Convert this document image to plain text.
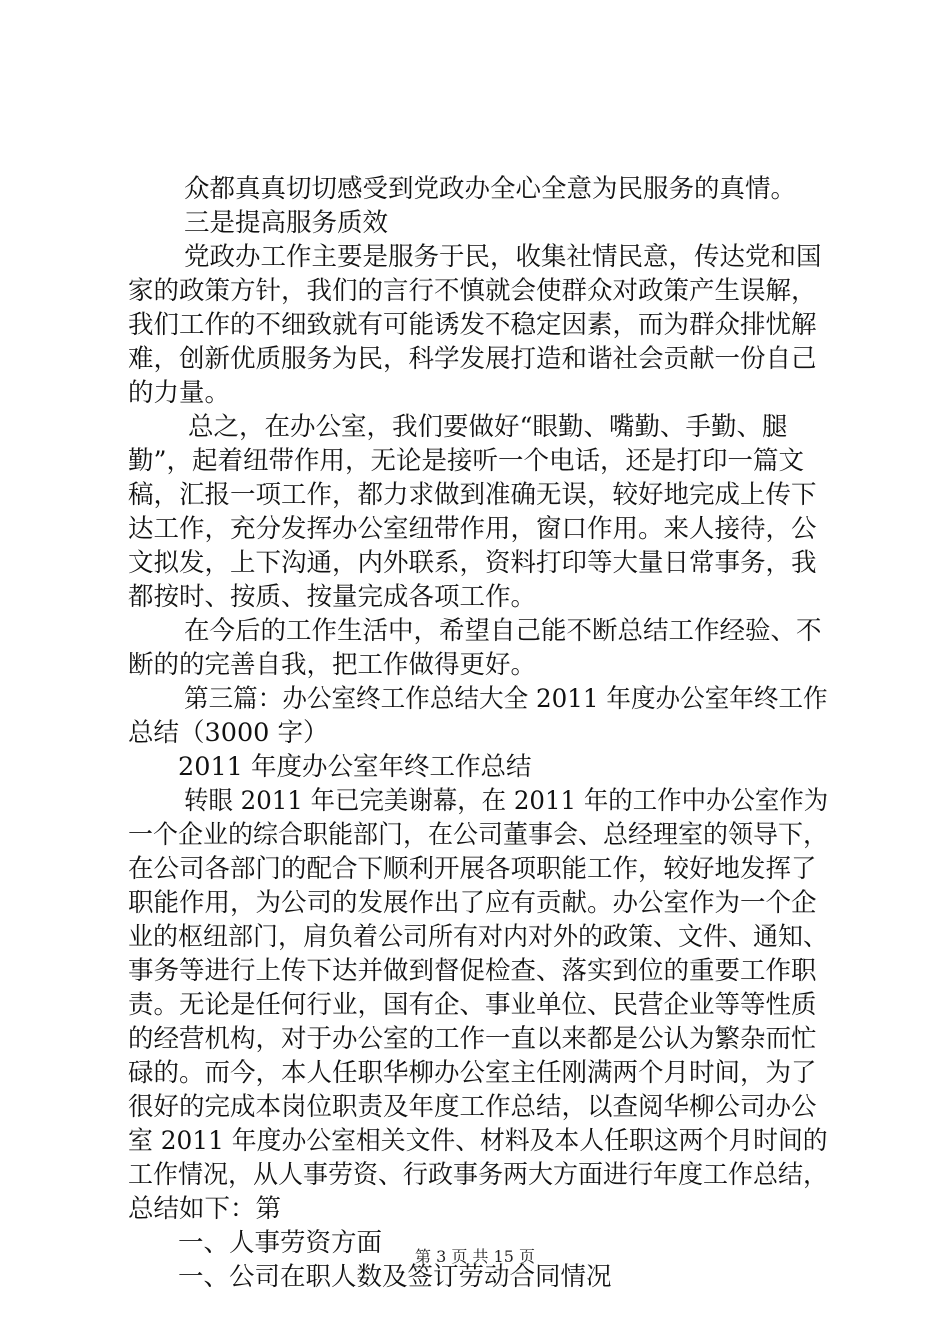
众都真真切切感受到党政办全心全意为民服务的真情。
三是提高服务质效
党政办工作主要是服务于民，收集社情民意，传达党和国
家的政策方针，我们的言行不慎就会使群众对政策产生误解，
我们工作的不细致就有可能诱发不稳定因素，而为群众排忧解
难，创新优质服务为民，科学发展打造和谐社会贡献一份自己
的力量。
总之，在办公室，我们要做好“眼勤、嘴勤、手勤、腿
勤”，起着纽带作用，无论是接听一个电话，还是打印一篇文
稿，汇报一项工作，都力求做到准确无误，较好地完成上传下
达工作，充分发挥办公室纽带作用，窗口作用。来人接待，公
文拟发，上下沟通，内外联系，资料打印等大量日常事务，我
都按时、按质、按量完成各项工作。
在今后的工作生活中，希望自己能不断总结工作经验、不
断的的完善自我，把工作做得更好。
第三篇：办公室终工作总结大全 2011 年度办公室年终工作
总结（3000 字）
2011 年度办公室年终工作总结
转眼 2011 年已完美谢幕，在 2011 年的工作中办公室作为
一个企业的综合职能部门，在公司董事会、总经理室的领导下，
在公司各部门的配合下顺利开展各项职能工作，较好地发挥了
职能作用，为公司的发展作出了应有贡献。办公室作为一个企
业的枢纽部门，肩负着公司所有对内对外的政策、文件、通知、
事务等进行上传下达并做到督促检查、落实到位的重要工作职
责。无论是任何行业，国有企、事业单位、民营企业等等性质
的经营机构，对于办公室的工作一直以来都是公认为繁杂而忙
碌的。而今，本人任职华柳办公室主任刚满两个月时间，为了
很好的完成本岗位职责及年度工作总结，以查阅华柳公司办公
室 2011 年度办公室相关文件、材料及本人任职这两个月时间的
工作情况，从人事劳资、行政事务两大方面进行年度工作总结，
总结如下：第
一、人事劳资方面
一、公司在职人数及签订劳动合同情况
第 3 页 共 15 页
